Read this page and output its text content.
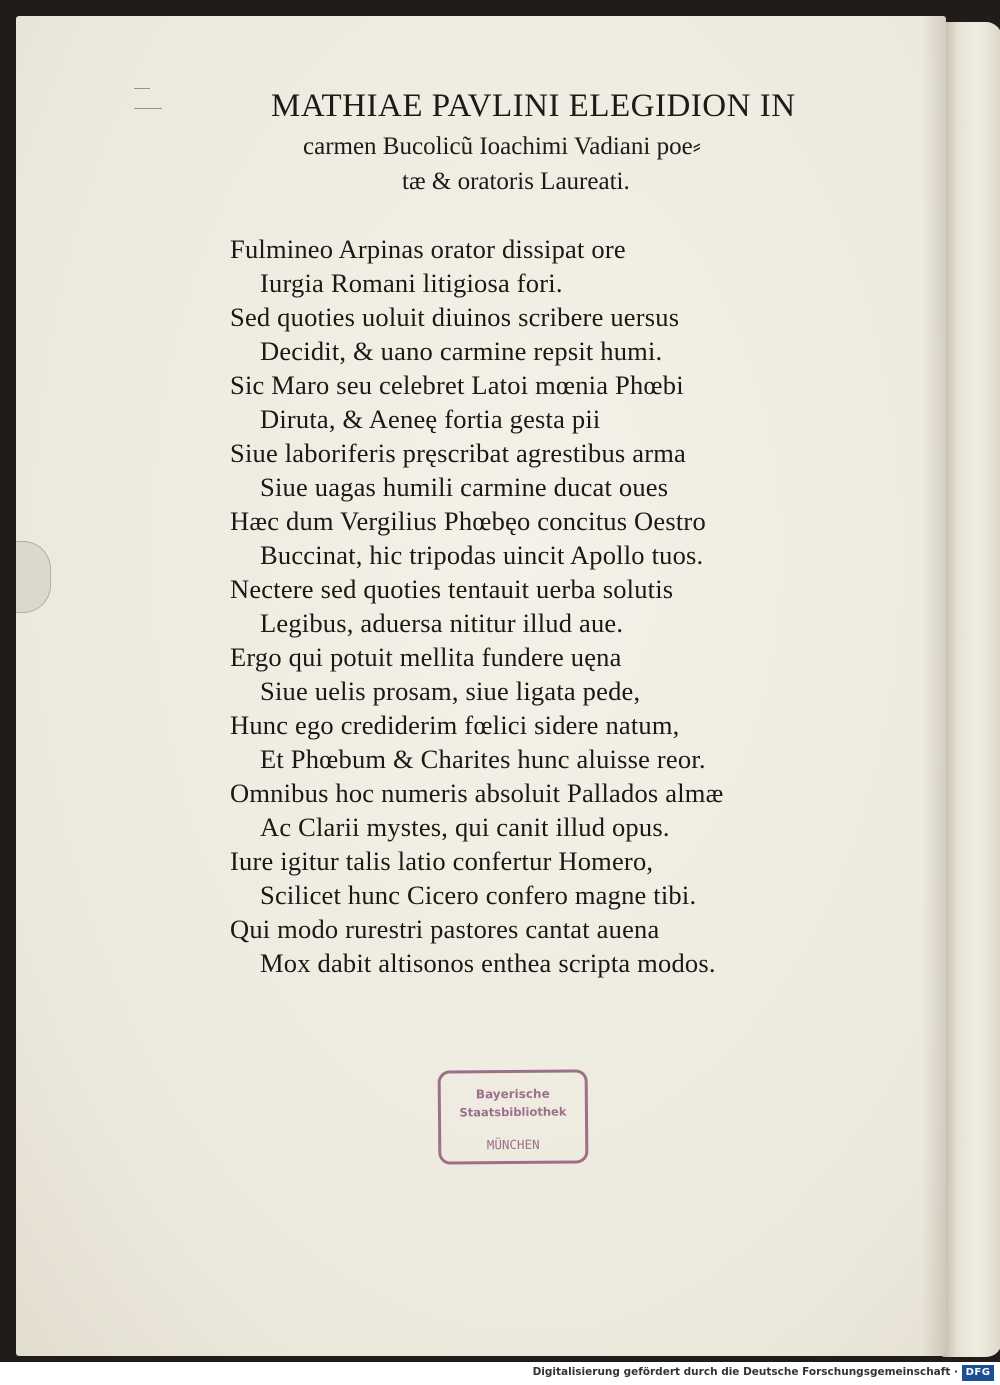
MATHIAE PAVLINI ELEGIDION IN
carmen Bucolicũ Ioachimi Vadiani poe⸗
tæ & oratoris Laureati.
Fulmineo Arpinas orator dissipat ore
Iurgia Romani litigiosa fori.
Sed quoties uoluit diuinos scribere uersus
Decidit, & uano carmine repsit humi.
Sic Maro seu celebret Latoi mœnia Phœbi
Diruta, & Aeneę fortia gesta pii
Siue laboriferis pręscribat agrestibus arma
Siue uagas humili carmine ducat oues
Hæc dum Vergilius Phœbęo concitus Oestro
Buccinat, hic tripodas uincit Apollo tuos.
Nectere sed quoties tentauit uerba solutis
Legibus, aduersa nititur illud aue.
Ergo qui potuit mellita fundere uęna
Siue uelis prosam, siue ligata pede,
Hunc ego crediderim fœlici sidere natum,
Et Phœbum & Charites hunc aluisse reor.
Omnibus hoc numeris absoluit Pallados almæ
Ac Clarii mystes, qui canit illud opus.
Iure igitur talis latio confertur Homero,
Scilicet hunc Cicero confero magne tibi.
Qui modo rurestri pastores cantat auena
Mox dabit altisonos enthea scripta modos.
Bayerische
Staatsbibliothek
MÜNCHEN
Digitalisierung gefördert durch die Deutsche Forschungsgemeinschaft · DFG
